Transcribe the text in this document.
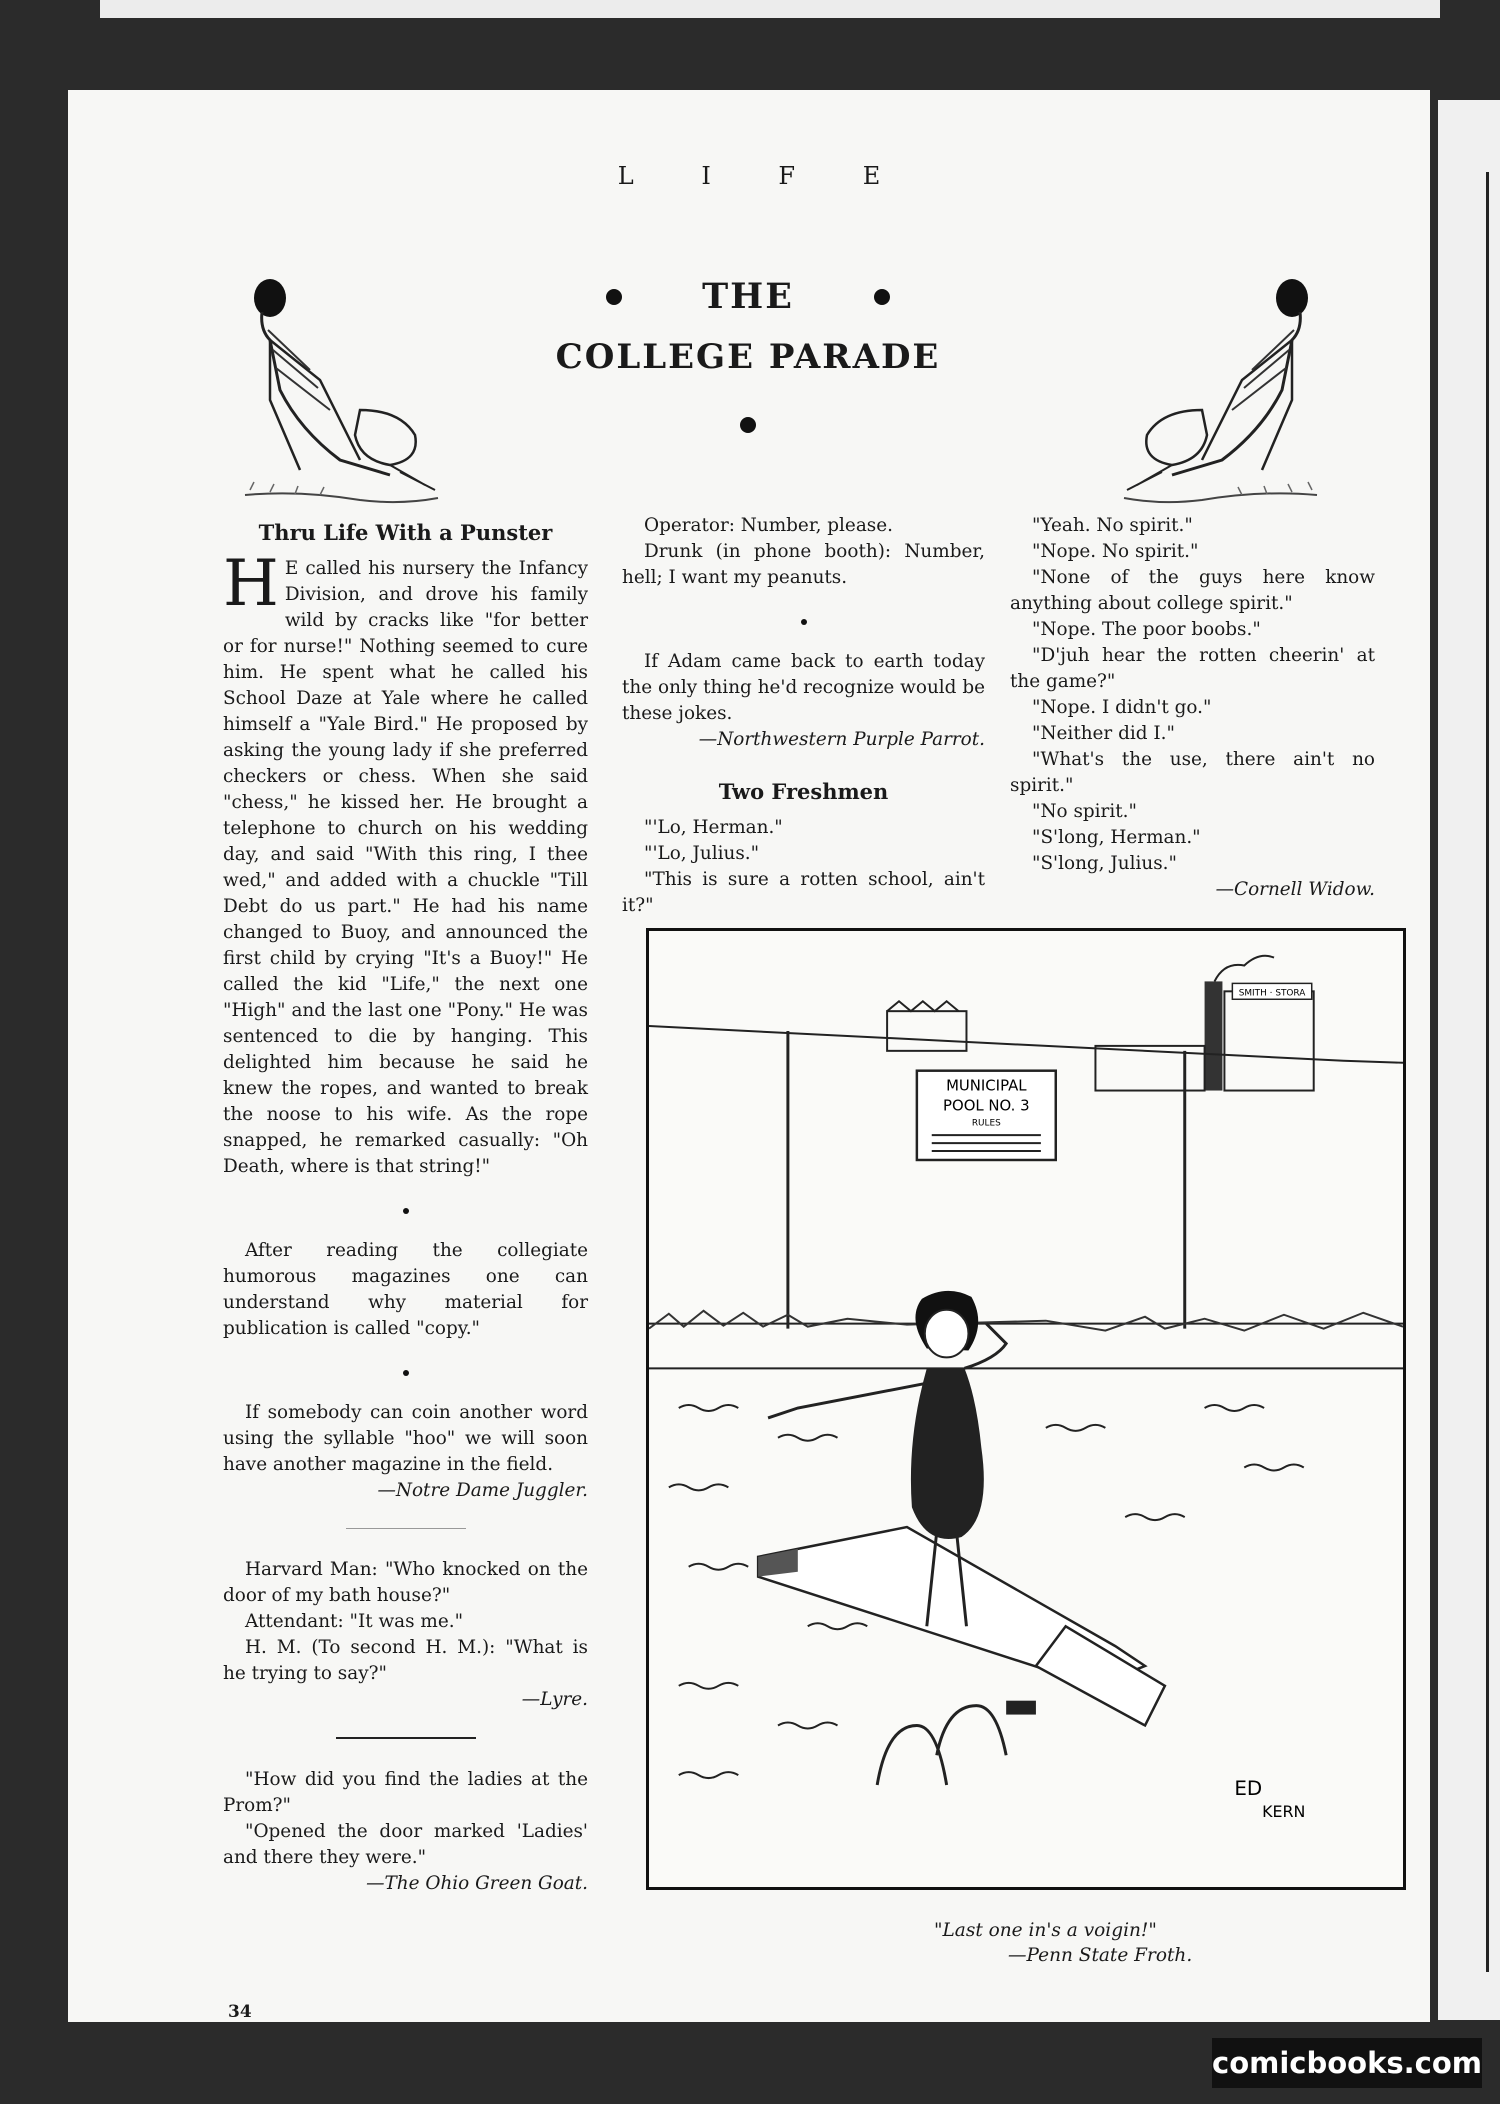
L I F E
THE
COLLEGE PARADE
Thru Life With a Punster

H E called his nursery the Infancy Division, and drove his family wild by cracks like "for better or for nurse!" Nothing seemed to cure him. He spent what he called his School Daze at Yale where he called himself a "Yale Bird." He proposed by asking the young lady if she preferred checkers or chess. When she said "chess," he kissed her. He brought a telephone to church on his wedding day, and said "With this ring, I thee wed," and added with a chuckle "Till Debt do us part." He had his name changed to Buoy, and announced the first child by crying "It's a Buoy!" He called the kid "Life," the next one "High" and the last one "Pony." He was sentenced to die by hanging. This delighted him because he said he knew the ropes, and wanted to break the noose to his wife. As the rope snapped, he remarked casually: "Oh Death, where is that string!"

After reading the collegiate humorous magazines one can understand why material for publication is called "copy."

If somebody can coin another word using the syllable "hoo" we will soon have another magazine in the field.

—Notre Dame Juggler.

Harvard Man: "Who knocked on the door of my bath house?"

Attendant: "It was me."

H. M. (To second H. M.): "What is he trying to say?"

—Lyre.

"How did you find the ladies at the Prom?"

"Opened the door marked 'Ladies' and there they were."

—The Ohio Green Goat.

Operator: Number, please.

Drunk (in phone booth): Number, hell; I want my peanuts.

If Adam came back to earth today the only thing he'd recognize would be these jokes.

—Northwestern Purple Parrot.

Two Freshmen

"'Lo, Herman."

"'Lo, Julius."

"This is sure a rotten school, ain't it?"

"Yeah. No spirit."

"Nope. No spirit."

"None of the guys here know anything about college spirit."

"Nope. The poor boobs."

"D'juh hear the rotten cheerin' at the game?"

"Nope. I didn't go."

"Neither did I."

"What's the use, there ain't no spirit."

"No spirit."

"S'long, Herman."

"S'long, Julius."

—Cornell Widow.

SMITH · STORA
MUNICIPAL
POOL NO. 3
RULES
ED
KERN
"Last one in's a voigin!"
—Penn State Froth.
34
comicbooks.com
